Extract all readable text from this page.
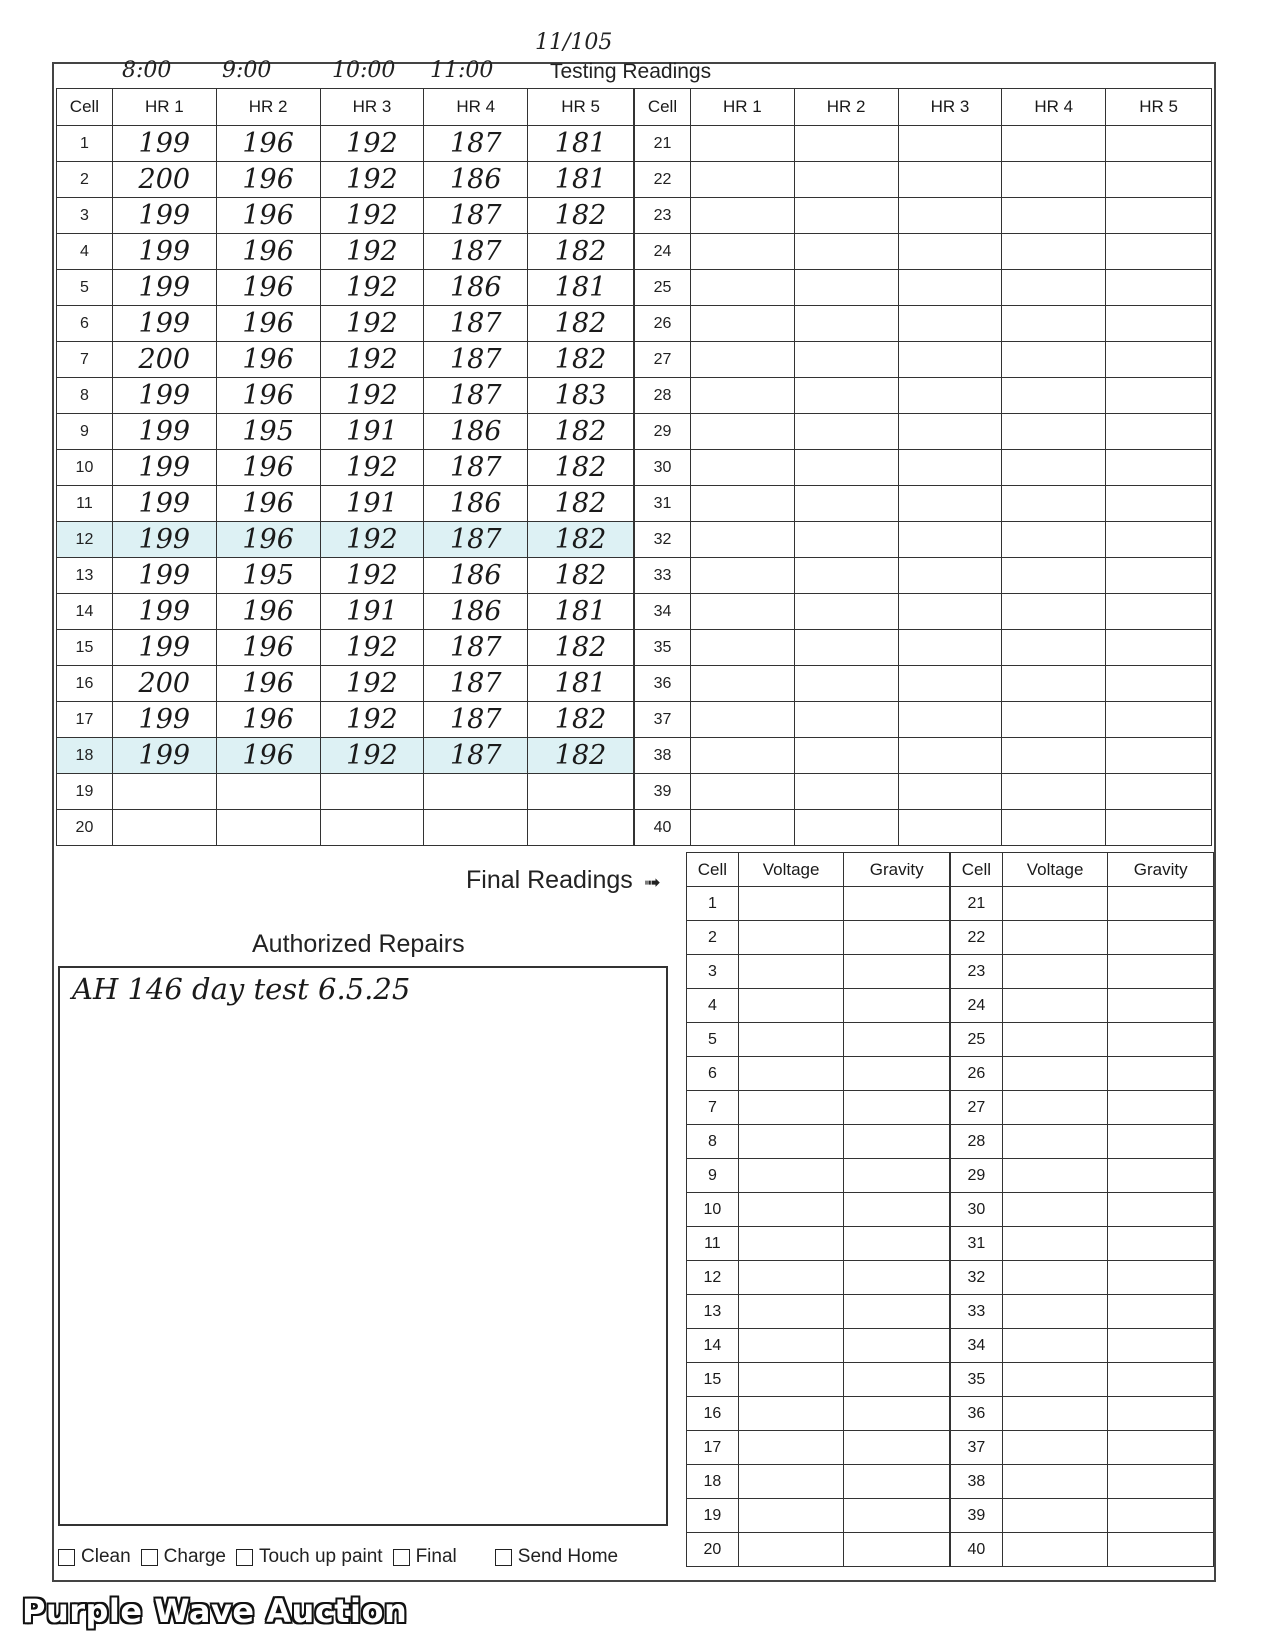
11/105
Testing Readings
8:00 9:00	10:00 11:00
Cell	HR 1	HR 2	HR 3	HR 4	HR 5
1	199	196	192	187	181
2	200	196	192	186	181
3	199	196	192	187	182
4	199	196	192	187	182
5	199	196	192	186	181
6	199	196	192	187	182
7	200	196	192	187	182
8	199	196	192	187	183
9	199	195	191	186	182
10	199	196	192	187	182
11	199	196	191	186	182
12	199	196	192	187	182
13	199	195	192	186	182
14	199	196	191	186	181
15	199	196	192	187	182
16	200	196	192	187	181
17	199	196	192	187	182
18	199	196	192	187	182
19					
20					
Cell	HR 1	HR 2	HR 3	HR 4	HR 5
21					
22					
23					
24					
25					
26					
27					
28					
29					
30					
31					
32					
33					
34					
35					
36					
37					
38					
39					
40					
Final Readings ➟
Cell	Voltage	Gravity
1		
2		
3		
4		
5		
6		
7		
8		
9		
10		
11		
12		
13		
14		
15		
16		
17		
18		
19		
20		
Cell	Voltage	Gravity
21		
22		
23		
24		
25		
26		
27		
28		
29		
30		
31		
32		
33		
34		
35		
36		
37		
38		
39		
40		
Authorized Repairs
AH 146 day test 6.5.25
Clean Charge Touch up paint Final	Send Home
Purple Wave Auction
